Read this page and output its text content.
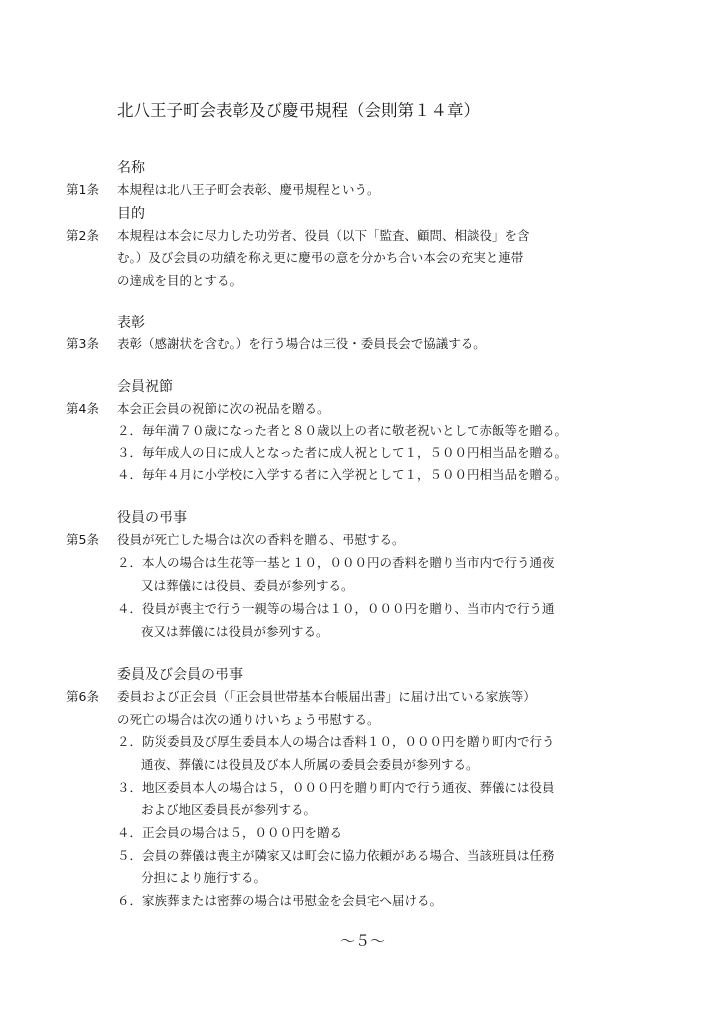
北八王子町会表彰及び慶弔規程（会則第１４章）
名称
第1条 本規程は北八王子町会表彰、慶弔規程という。
目的
第2条 本規程は本会に尽力した功労者、役員（以下「監査、顧問、相談役」を含
む。）及び会員の功績を称え更に慶弔の意を分かち合い本会の充実と連帯
の達成を目的とする。
表彰
第3条 表彰（感謝状を含む。）を行う場合は三役・委員長会で協議する。
会員祝節
第4条 本会正会員の祝節に次の祝品を贈る。
２．毎年満７０歳になった者と８０歳以上の者に敬老祝いとして赤飯等を贈る。
３．毎年成人の日に成人となった者に成人祝として１，５００円相当品を贈る。
４．毎年４月に小学校に入学する者に入学祝として１，５００円相当品を贈る。
役員の弔事
第5条 役員が死亡した場合は次の香料を贈る、弔慰する。
２．本人の場合は生花等一基と１０，０００円の香料を贈り当市内で行う通夜
又は葬儀には役員、委員が参列する。
４．役員が喪主で行う一親等の場合は１０，０００円を贈り、当市内で行う通
夜又は葬儀には役員が参列する。
委員及び会員の弔事
第6条 委員および正会員（「正会員世帯基本台帳届出書」に届け出ている家族等）
の死亡の場合は次の通りけいちょう弔慰する。
２．防災委員及び厚生委員本人の場合は香料１０，０００円を贈り町内で行う
通夜、葬儀には役員及び本人所属の委員会委員が参列する。
３．地区委員本人の場合は５，０００円を贈り町内で行う通夜、葬儀には役員
および地区委員長が参列する。
４．正会員の場合は５，０００円を贈る
５．会員の葬儀は喪主が隣家又は町会に協力依頼がある場合、当該班員は任務
分担により施行する。
６．家族葬または密葬の場合は弔慰金を会員宅へ届ける。
～５～
